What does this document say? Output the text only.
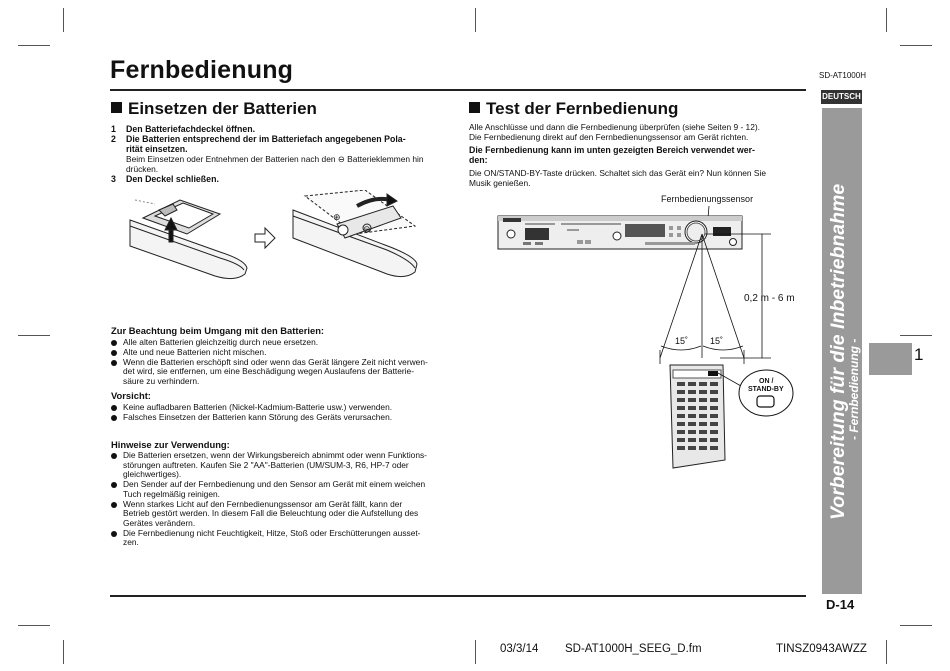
Fernbedienung	SD-AT1000H
DEUTSCH
Vorbereitung für die Inbetriebnahme
- Fernbedienung -	1
Einsetzen der Batterien
1 Den Batteriefachdeckel öffnen.
2 Die Batterien entsprechend der im Batteriefach angegebenen Pola-
rität einsetzen.
Beim Einsetzen oder Entnehmen der Batterien nach den ⊖ Batterieklemmen hin
drücken.
3 Den Deckel schließen.
⊕
⊖
Zur Beachtung beim Umgang mit den Batterien:
Alle alten Batterien gleichzeitig durch neue ersetzen.
Alte und neue Batterien nicht mischen.
Wenn die Batterien erschöpft sind oder wenn das Gerät längere Zeit nicht verwen-
det wird, sie entfernen, um eine Beschädigung wegen Auslaufens der Batterie-
säure zu verhindern.
Vorsicht:
Keine aufladbaren Batterien (Nickel-Kadmium-Batterie usw.) verwenden.
Falsches Einsetzen der Batterien kann Störung des Geräts verursachen.
Hinweise zur Verwendung:
Die Batterien ersetzen, wenn der Wirkungsbereich abnimmt oder wenn Funktions-
störungen auftreten. Kaufen Sie 2 "AA"-Batterien (UM/SUM-3, R6, HP-7 oder
gleichwertiges).
Den Sender auf der Fernbedienung und den Sensor am Gerät mit einem weichen
Tuch regelmäßig reinigen.
Wenn starkes Licht auf den Fernbedienungssensor am Gerät fällt, kann der
Betrieb gestört werden. In diesem Fall die Beleuchtung oder die Aufstellung des
Gerätes verändern.
Die Fernbedienung nicht Feuchtigkeit, Hitze, Stoß oder Erschütterungen ausset-
zen.
Test der Fernbedienung
Alle Anschlüsse und dann die Fernbedienung überprüfen (siehe Seiten 9 - 12).
Die Fernbedienung direkt auf den Fernbedienungssensor am Gerät richten.
Die Fernbedienung kann im unten gezeigten Bereich verwendet wer-
den:
Die ON/STAND-BY-Taste drücken. Schaltet sich das Gerät ein? Nun können Sie
Musik genießen.
Fernbedienungssensor
0,2 m - 6 m
15˚ 15˚
ON /
STAND-BY
D-14
03/3/14 SD-AT1000H_SEEG_D.fm	TINSZ0943AWZZ
